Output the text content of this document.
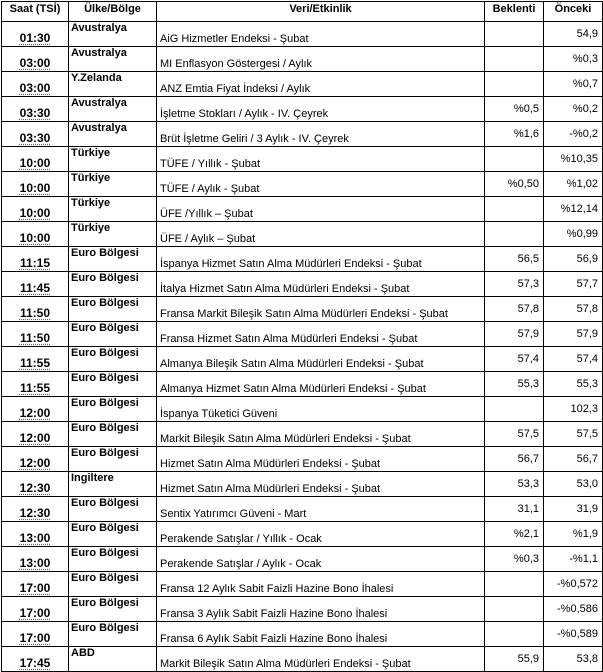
Saat (TSİ)	Ülke/Bölge	Veri/Etkinlik	Beklenti	Önceki
01:30	Avustralya	AiG Hizmetler Endeksi - Şubat		54,9
03:00	Avustralya	MI Enflasyon Göstergesi / Aylık		%0,3
03:00	Y.Zelanda	ANZ Emtia Fiyat İndeksi / Aylık		%0,7
03:30	Avustralya	İşletme Stokları / Aylık - IV. Çeyrek	%0,5	%0,2
03:30	Avustralya	Brüt İşletme Geliri / 3 Aylık - IV. Çeyrek	%1,6	-%0,2
10:00	Türkiye	TÜFE / Yıllık - Şubat		%10,35
10:00	Türkiye	TÜFE / Aylık - Şubat	%0,50	%1,02
10:00	Türkiye	ÜFE /Yıllık – Şubat		%12,14
10:00	Türkiye	ÜFE / Aylık – Şubat		%0,99
11:15	Euro Bölgesi	İspanya Hizmet Satın Alma Müdürleri Endeksi - Şubat	56,5	56,9
11:45	Euro Bölgesi	İtalya Hizmet Satın Alma Müdürleri Endeksi - Şubat	57,3	57,7
11:50	Euro Bölgesi	Fransa Markit Bileşik Satın Alma Müdürleri Endeksi - Şubat	57,8	57,8
11:50	Euro Bölgesi	Fransa Hizmet Satın Alma Müdürleri Endeksi - Şubat	57,9	57,9
11:55	Euro Bölgesi	Almanya Bileşik Satın Alma Müdürleri Endeksi - Şubat	57,4	57,4
11:55	Euro Bölgesi	Almanya Hizmet Satın Alma Müdürleri Endeksi - Şubat	55,3	55,3
12:00	Euro Bölgesi	İspanya Tüketici Güveni		102,3
12:00	Euro Bölgesi	Markit Bileşik Satın Alma Müdürleri Endeksi - Şubat	57,5	57,5
12:00	Euro Bölgesi	Hizmet Satın Alma Müdürleri Endeksi - Şubat	56,7	56,7
12:30	Ingiltere	Hizmet Satın Alma Müdürleri Endeksi - Şubat	53,3	53,0
12:30	Euro Bölgesi	Sentix Yatırımcı Güveni - Mart	31,1	31,9
13:00	Euro Bölgesi	Perakende Satışlar / Yıllık - Ocak	%2,1	%1,9
13:00	Euro Bölgesi	Perakende Satışlar / Aylık - Ocak	%0,3	-%1,1
17:00	Euro Bölgesi	Fransa 12 Aylık Sabit Faizli Hazine Bono İhalesi		-%0,572
17:00	Euro Bölgesi	Fransa 3 Aylık Sabit Faizli Hazine Bono İhalesi		-%0,586
17:00	Euro Bölgesi	Fransa 6 Aylık Sabit Faizli Hazine Bono İhalesi		-%0,589
17:45	ABD	Markit Bileşik Satın Alma Müdürleri Endeksi - Şubat	55,9	53,8
